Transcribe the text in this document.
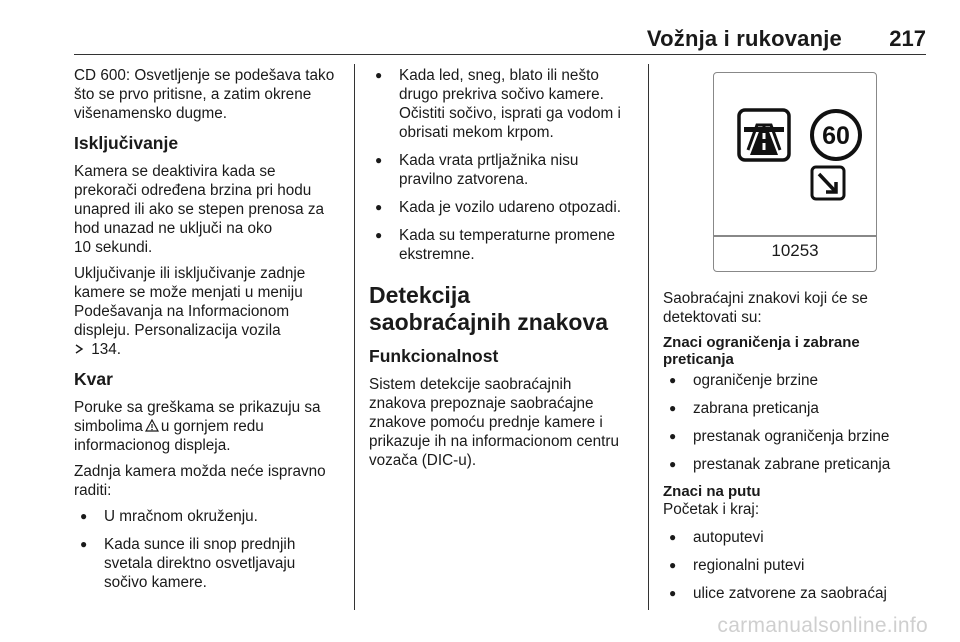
Vožnja i rukovanje 217

CD 600: Osvetljenje se podešava tako što se prvo pritisne, a zatim okrene višenamensko dugme.

Isključivanje

Kamera se deaktivira kada se
prekorači određena brzina pri hodu
unapred ili ako se stepen prenosa za
hod unazad ne uključi na oko
10 sekundi.

Uključivanje ili isključivanje zadnje
kamere se može menjati u meniju
Podešavanja na Informacionom
displeju. Personalizacija vozila
134.

Kvar

Poruke sa greškama se prikazuju sa
simbolima u gornjem redu
informacionog displeja.

Zadnja kamera možda neće ispravno
raditi:

● U mračnom okruženju.
● Kada sunce ili snop prednjih svetala direktno osvetljavaju sočivo kamere.
● Kada led, sneg, blato ili nešto drugo prekriva sočivo kamere. Očistiti sočivo, isprati ga vodom i obrisati mekom krpom.
● Kada vrata prtljažnika nisu pravilno zatvorena.
● Kada je vozilo udareno otpozadi.
● Kada su temperaturne promene ekstremne.
Detekcija saobraćajnih znakova
Funkcionalnost

Sistem detekcije saobraćajnih
znakova prepoznaje saobraćajne
znakove pomoću prednje kamere i
prikazuje ih na informacionom centru
vozača (DIC-u).

60
10253

Saobraćajni znakovi koji će se
detektovati su:

Znaci ograničenja i zabrane
preticanja
● ograničenje brzine
● zabrana preticanja
● prestanak ograničenja brzine
● prestanak zabrane preticanja
Znaci na putu

Početak i kraj:

● autoputevi
● regionalni putevi
● ulice zatvorene za saobraćaj
carmanualsonline.info
